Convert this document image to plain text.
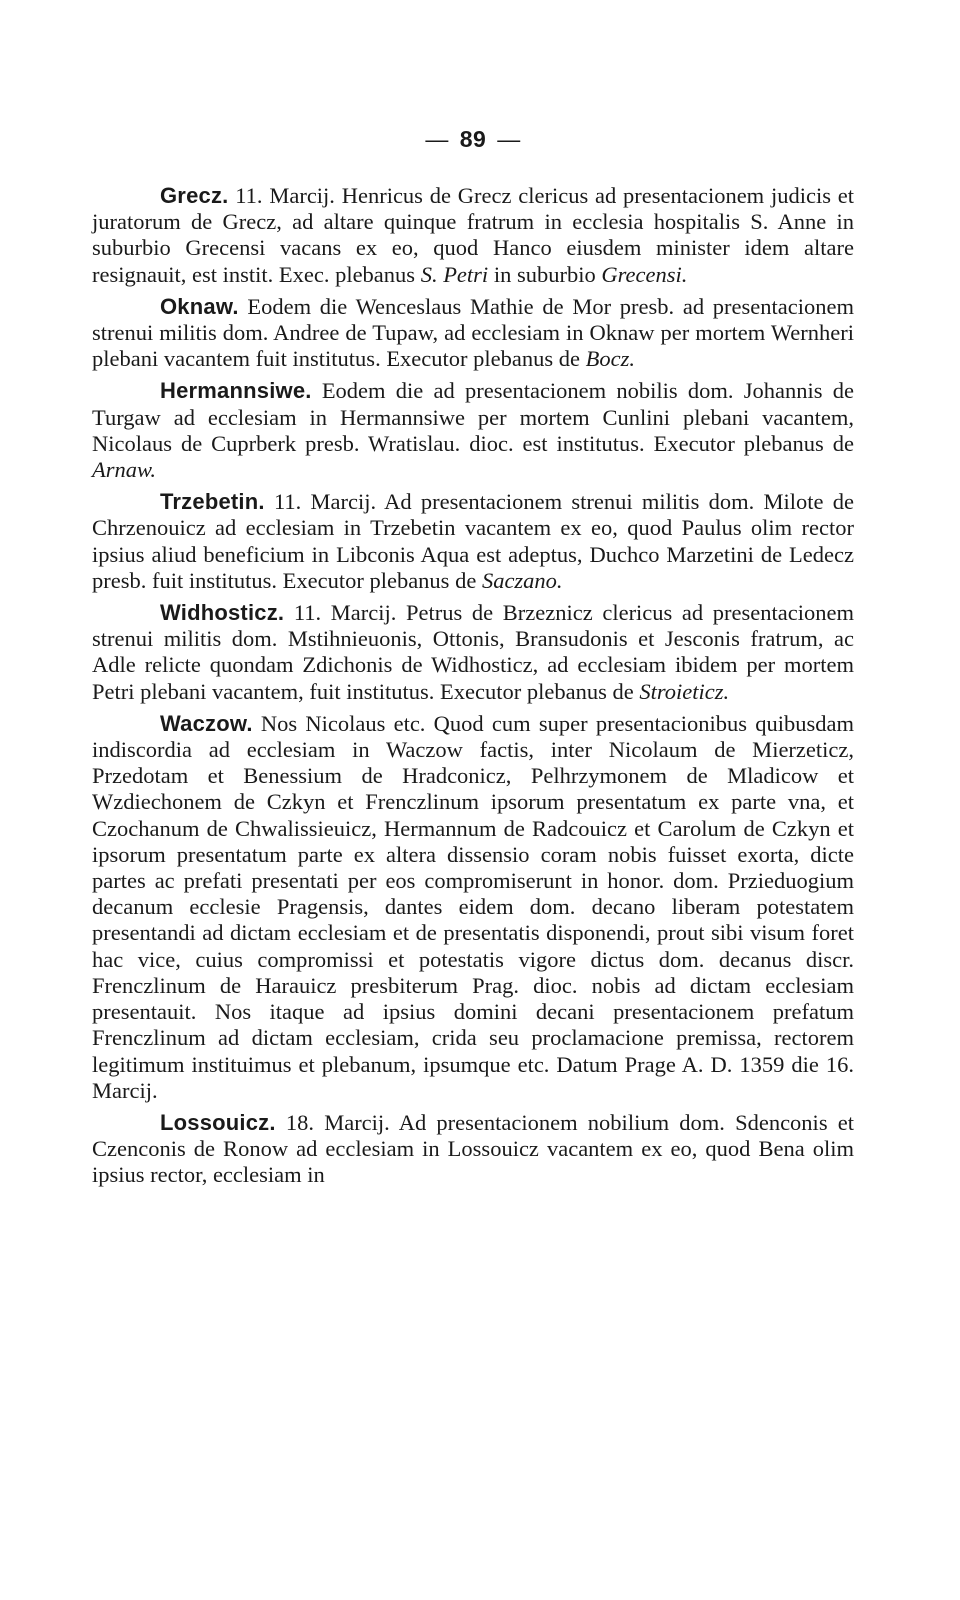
— 89 —

Grecz. 11. Marcij. Henricus de Grecz clericus ad presentacionem judicis et juratorum de Grecz, ad altare quinque fratrum in ecclesia hospitalis S. Anne in suburbio Grecensi vacans ex eo, quod Hanco eiusdem minister idem altare resignauit, est instit. Exec. plebanus S. Petri in suburbio Grecensi.

Oknaw. Eodem die Wenceslaus Mathie de Mor presb. ad presentacionem strenui militis dom. Andree de Tupaw, ad ecclesiam in Oknaw per mortem Wernheri plebani vacantem fuit institutus. Executor plebanus de Bocz.

Hermannsiwe. Eodem die ad presentacionem nobilis dom. Johannis de Turgaw ad ecclesiam in Hermannsiwe per mortem Cunlini plebani vacantem, Nicolaus de Cuprberk presb. Wratislau. dioc. est institutus. Executor plebanus de Arnaw.

Trzebetin. 11. Marcij. Ad presentacionem strenui militis dom. Milote de Chrzenouicz ad ecclesiam in Trzebetin vacantem ex eo, quod Paulus olim rector ipsius aliud beneficium in Libconis Aqua est adeptus, Duchco Marzetini de Ledecz presb. fuit institutus. Executor plebanus de Saczano.

Widhosticz. 11. Marcij. Petrus de Brzeznicz clericus ad presentacionem strenui militis dom. Mstihnieuonis, Ottonis, Bransudonis et Jesconis fratrum, ac Adle relicte quondam Zdichonis de Widhosticz, ad ecclesiam ibidem per mortem Petri plebani vacantem, fuit institutus. Executor plebanus de Stroieticz.

Waczow. Nos Nicolaus etc. Quod cum super presentacionibus quibusdam indiscordia ad ecclesiam in Waczow factis, inter Nicolaum de Mierzeticz, Przedotam et Benessium de Hradconicz, Pelhrzymonem de Mladicow et Wzdiechonem de Czkyn et Frenczlinum ipsorum presentatum ex parte vna, et Czochanum de Chwalissieuicz, Hermannum de Radcouicz et Carolum de Czkyn et ipsorum presentatum parte ex altera dissensio coram nobis fuisset exorta, dicte partes ac prefati presentati per eos compromiserunt in honor. dom. Przieduogium decanum ecclesie Pragensis, dantes eidem dom. decano liberam potestatem presentandi ad dictam ecclesiam et de presentatis disponendi, prout sibi visum foret hac vice, cuius compromissi et potestatis vigore dictus dom. decanus discr. Frenczlinum de Harauicz presbiterum Prag. dioc. nobis ad dictam ecclesiam presentauit. Nos itaque ad ipsius domini decani presentacionem prefatum Frenczlinum ad dictam ecclesiam, crida seu proclamacione premissa, rectorem legitimum instituimus et plebanum, ipsumque etc. Datum Prage A. D. 1359 die 16. Marcij.

Lossouicz. 18. Marcij. Ad presentacionem nobilium dom. Sdenconis et Czenconis de Ronow ad ecclesiam in Lossouicz vacantem ex eo, quod Bena olim ipsius rector, ecclesiam in
